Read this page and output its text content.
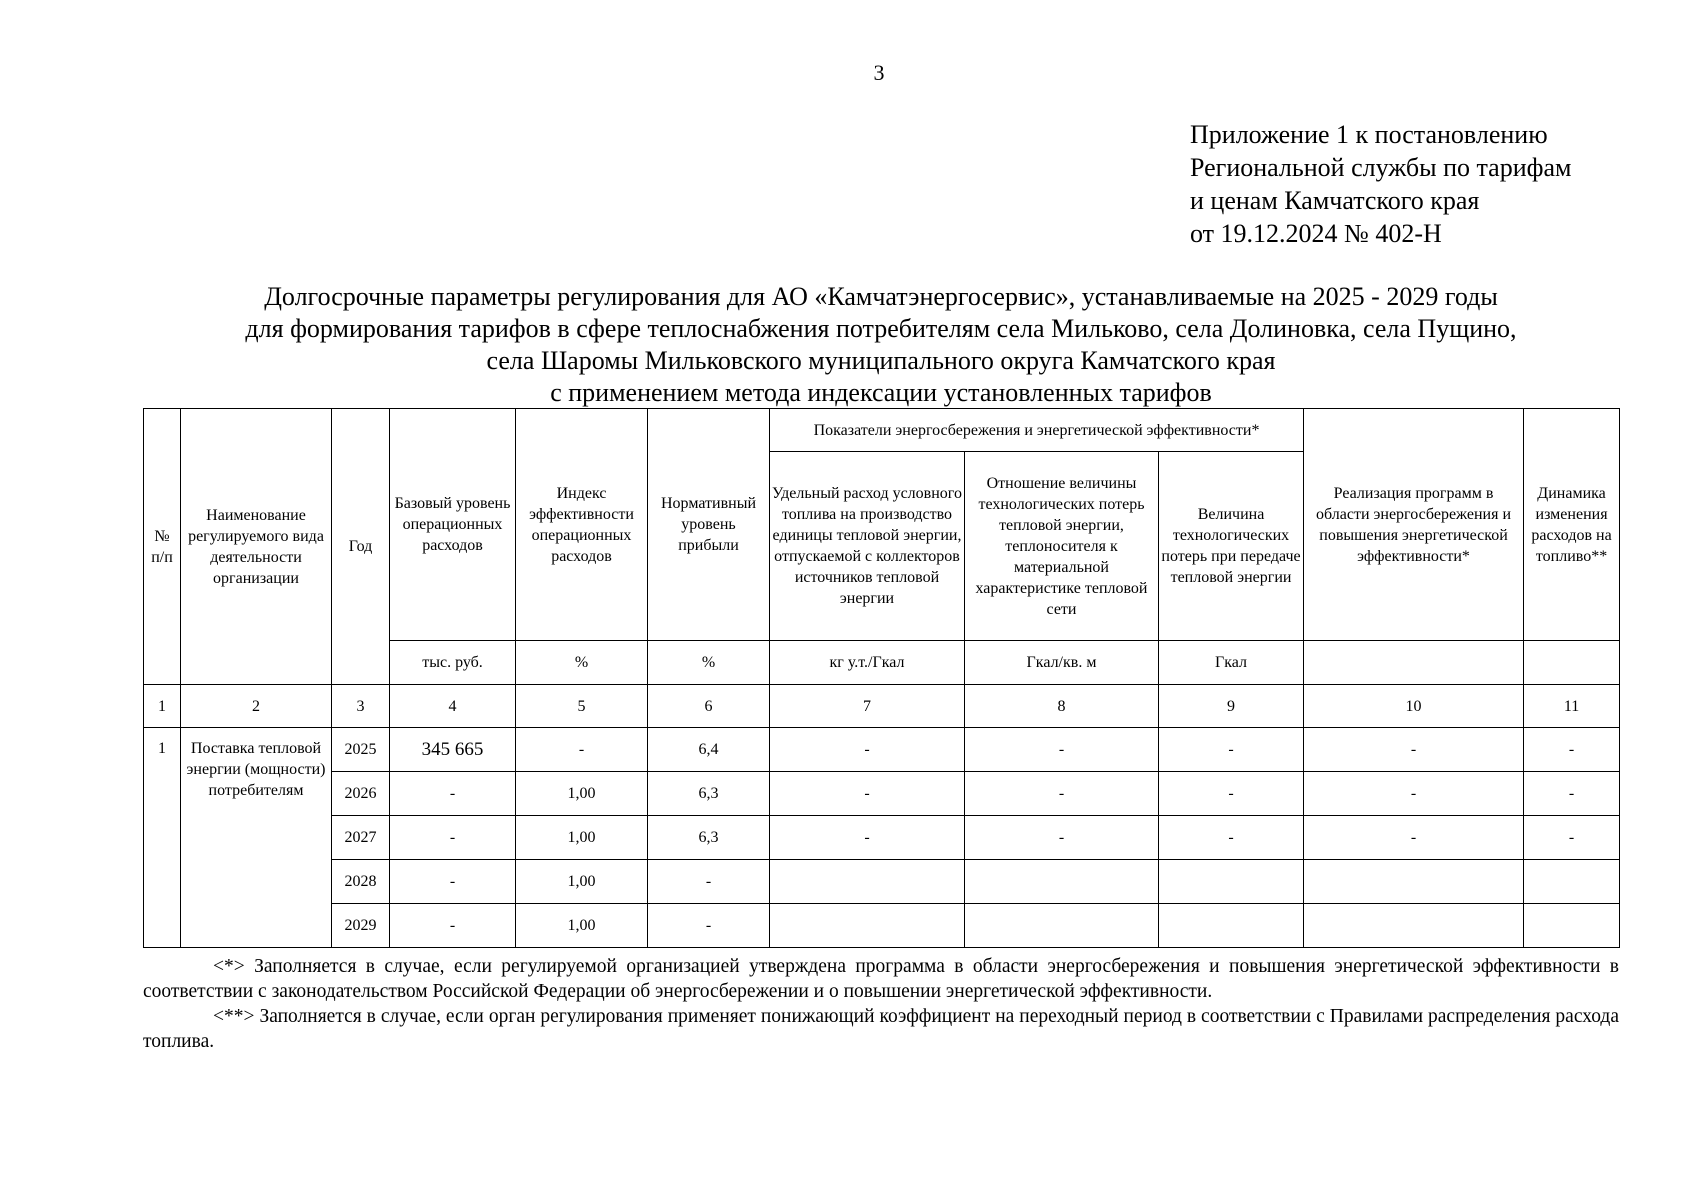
3
Приложение 1 к постановлению
Региональной службы по тарифам
и ценам Камчатского края
от 19.12.2024 № 402-Н
Долгосрочные параметры регулирования для АО «Камчатэнергосервис», устанавливаемые на 2025 - 2029 годы
для формирования тарифов в сфере теплоснабжения потребителям села Мильково, села Долиновка, села Пущино,
села Шаромы Мильковского муниципального округа Камчатского края
с применением метода индексации установленных тарифов
№ п/п	Наименование регулируемого вида деятельности организации	Год	Базовый уровень операционных расходов	Индекс эффективности операционных расходов	Нормативный уровень прибыли	Показатели энергосбережения и энергетической эффективности*			Реализация программ в области энергосбережения и повышения энергетической эффективности*	Динамика изменения расходов на топливо**
						Удельный расход условного топлива на производство единицы тепловой энергии, отпускаемой с коллекторов источников тепловой энергии	Отношение величины технологических потерь тепловой энергии, теплоносителя к материальной характеристике тепловой сети	Величина технологических потерь при передаче тепловой энергии		
			тыс. руб.	%	%	кг у.т./Гкал	Гкал/кв. м	Гкал		
1	2	3	4	5	6	7	8	9	10	11
1	Поставка тепловой энергии (мощности) потребителям	2025	345 665	-	6,4	-	-	-	-	-
		2026	-	1,00	6,3	-	-	-	-	-
		2027	-	1,00	6,3	-	-	-	-	-
		2028	-	1,00	-					
		2029	-	1,00	-					

<*> Заполняется в случае, если регулируемой организацией утверждена программа в области энергосбережения и повышения энергетической эффективности в соответствии с законодательством Российской Федерации об энергосбережении и о повышении энергетической эффективности.

<**> Заполняется в случае, если орган регулирования применяет понижающий коэффициент на переходный период в соответствии с Правилами распределения расхода топлива.
